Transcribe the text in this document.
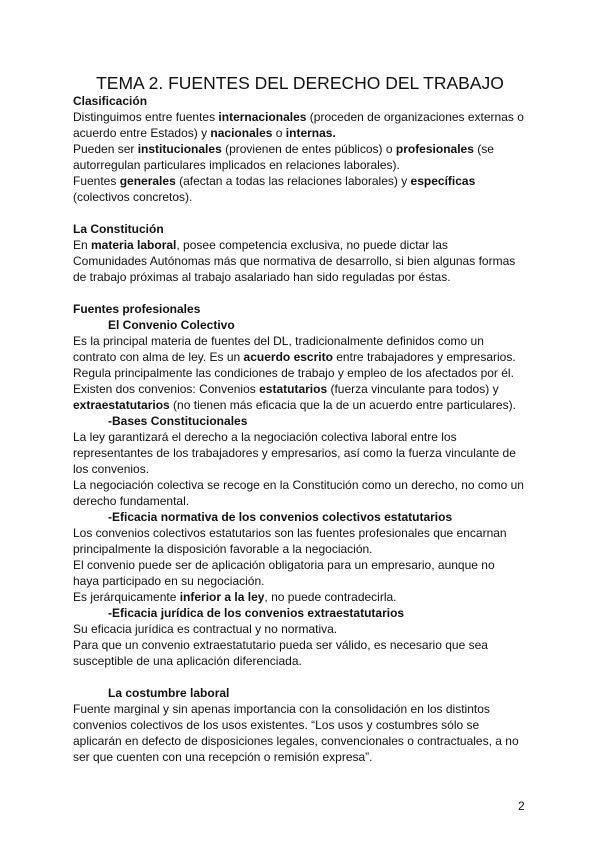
TEMA 2. FUENTES DEL DERECHO DEL TRABAJO

Clasificación

Distinguimos entre fuentes internacionales (proceden de organizaciones externas o

acuerdo entre Estados) y nacionales o internas.

Pueden ser institucionales (provienen de entes públicos) o profesionales (se

autorregulan particulares implicados en relaciones laborales).

Fuentes generales (afectan a todas las relaciones laborales) y específicas

(colectivos concretos).

La Constitución

En materia laboral, posee competencia exclusiva, no puede dictar las

Comunidades Autónomas más que normativa de desarrollo, si bien algunas formas

de trabajo próximas al trabajo asalariado han sido reguladas por éstas.

Fuentes profesionales

El Convenio Colectivo

Es la principal materia de fuentes del DL, tradicionalmente definidos como un

contrato con alma de ley. Es un acuerdo escrito entre trabajadores y empresarios.

Regula principalmente las condiciones de trabajo y empleo de los afectados por él.

Existen dos convenios: Convenios estatutarios (fuerza vinculante para todos) y

extraestatutarios (no tienen más eficacia que la de un acuerdo entre particulares).

-Bases Constitucionales

La ley garantizará el derecho a la negociación colectiva laboral entre los

representantes de los trabajadores y empresarios, así como la fuerza vinculante de

los convenios.

La negociación colectiva se recoge en la Constitución como un derecho, no como un

derecho fundamental.

-Eficacia normativa de los convenios colectivos estatutarios

Los convenios colectivos estatutarios son las fuentes profesionales que encarnan

principalmente la disposición favorable a la negociación.

El convenio puede ser de aplicación obligatoria para un empresario, aunque no

haya participado en su negociación.

Es jerárquicamente inferior a la ley, no puede contradecirla.

-Eficacia jurídica de los convenios extraestatutarios

Su eficacia jurídica es contractual y no normativa.

Para que un convenio extraestatutario pueda ser válido, es necesario que sea

susceptible de una aplicación diferenciada.

La costumbre laboral

Fuente marginal y sin apenas importancia con la consolidación en los distintos

convenios colectivos de los usos existentes. “Los usos y costumbres sólo se

aplicarán en defecto de disposiciones legales, convencionales o contractuales, a no

ser que cuenten con una recepción o remisión expresa”.

2
